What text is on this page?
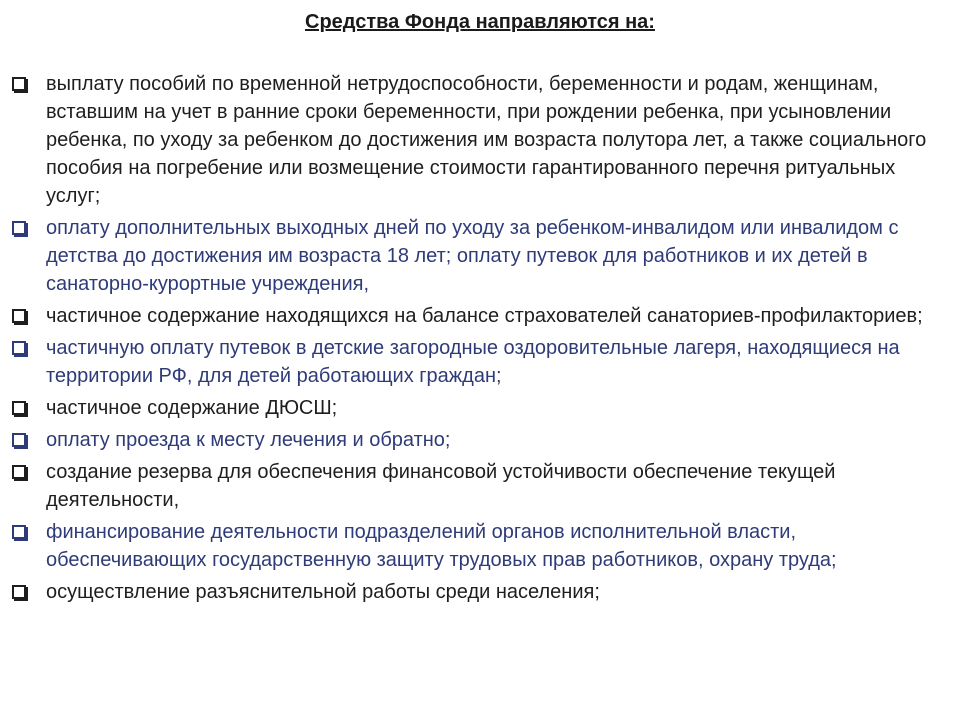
Средства Фонда направляются на:
выплату пособий по временной нетрудоспособности, беременности и родам, женщинам, вставшим на учет в ранние сроки беременности, при рождении ребенка, при усыновлении ребенка, по уходу за ребенком до достижения им возраста полутора лет, а также социального пособия на погребение или возмещение стоимости гарантированного перечня ритуальных услуг;
оплату дополнительных выходных дней по уходу за ребенком-инвалидом или инвалидом с детства до достижения им возраста 18 лет; оплату путевок для работников и их детей в санаторно-курортные учреждения,
частичное содержание находящихся на балансе страхователей санаториев-профилакториев;
частичную оплату путевок в детские загородные оздоровительные лагеря, находящиеся на территории РФ, для детей работающих граждан;
частичное содержание ДЮСШ;
оплату проезда к месту лечения и обратно;
создание резерва для обеспечения финансовой устойчивости обеспечение текущей деятельности,
финансирование деятельности подразделений органов исполнительной власти, обеспечивающих государственную защиту трудовых прав работников, охрану труда;
осуществление разъяснительной работы среди населения;
